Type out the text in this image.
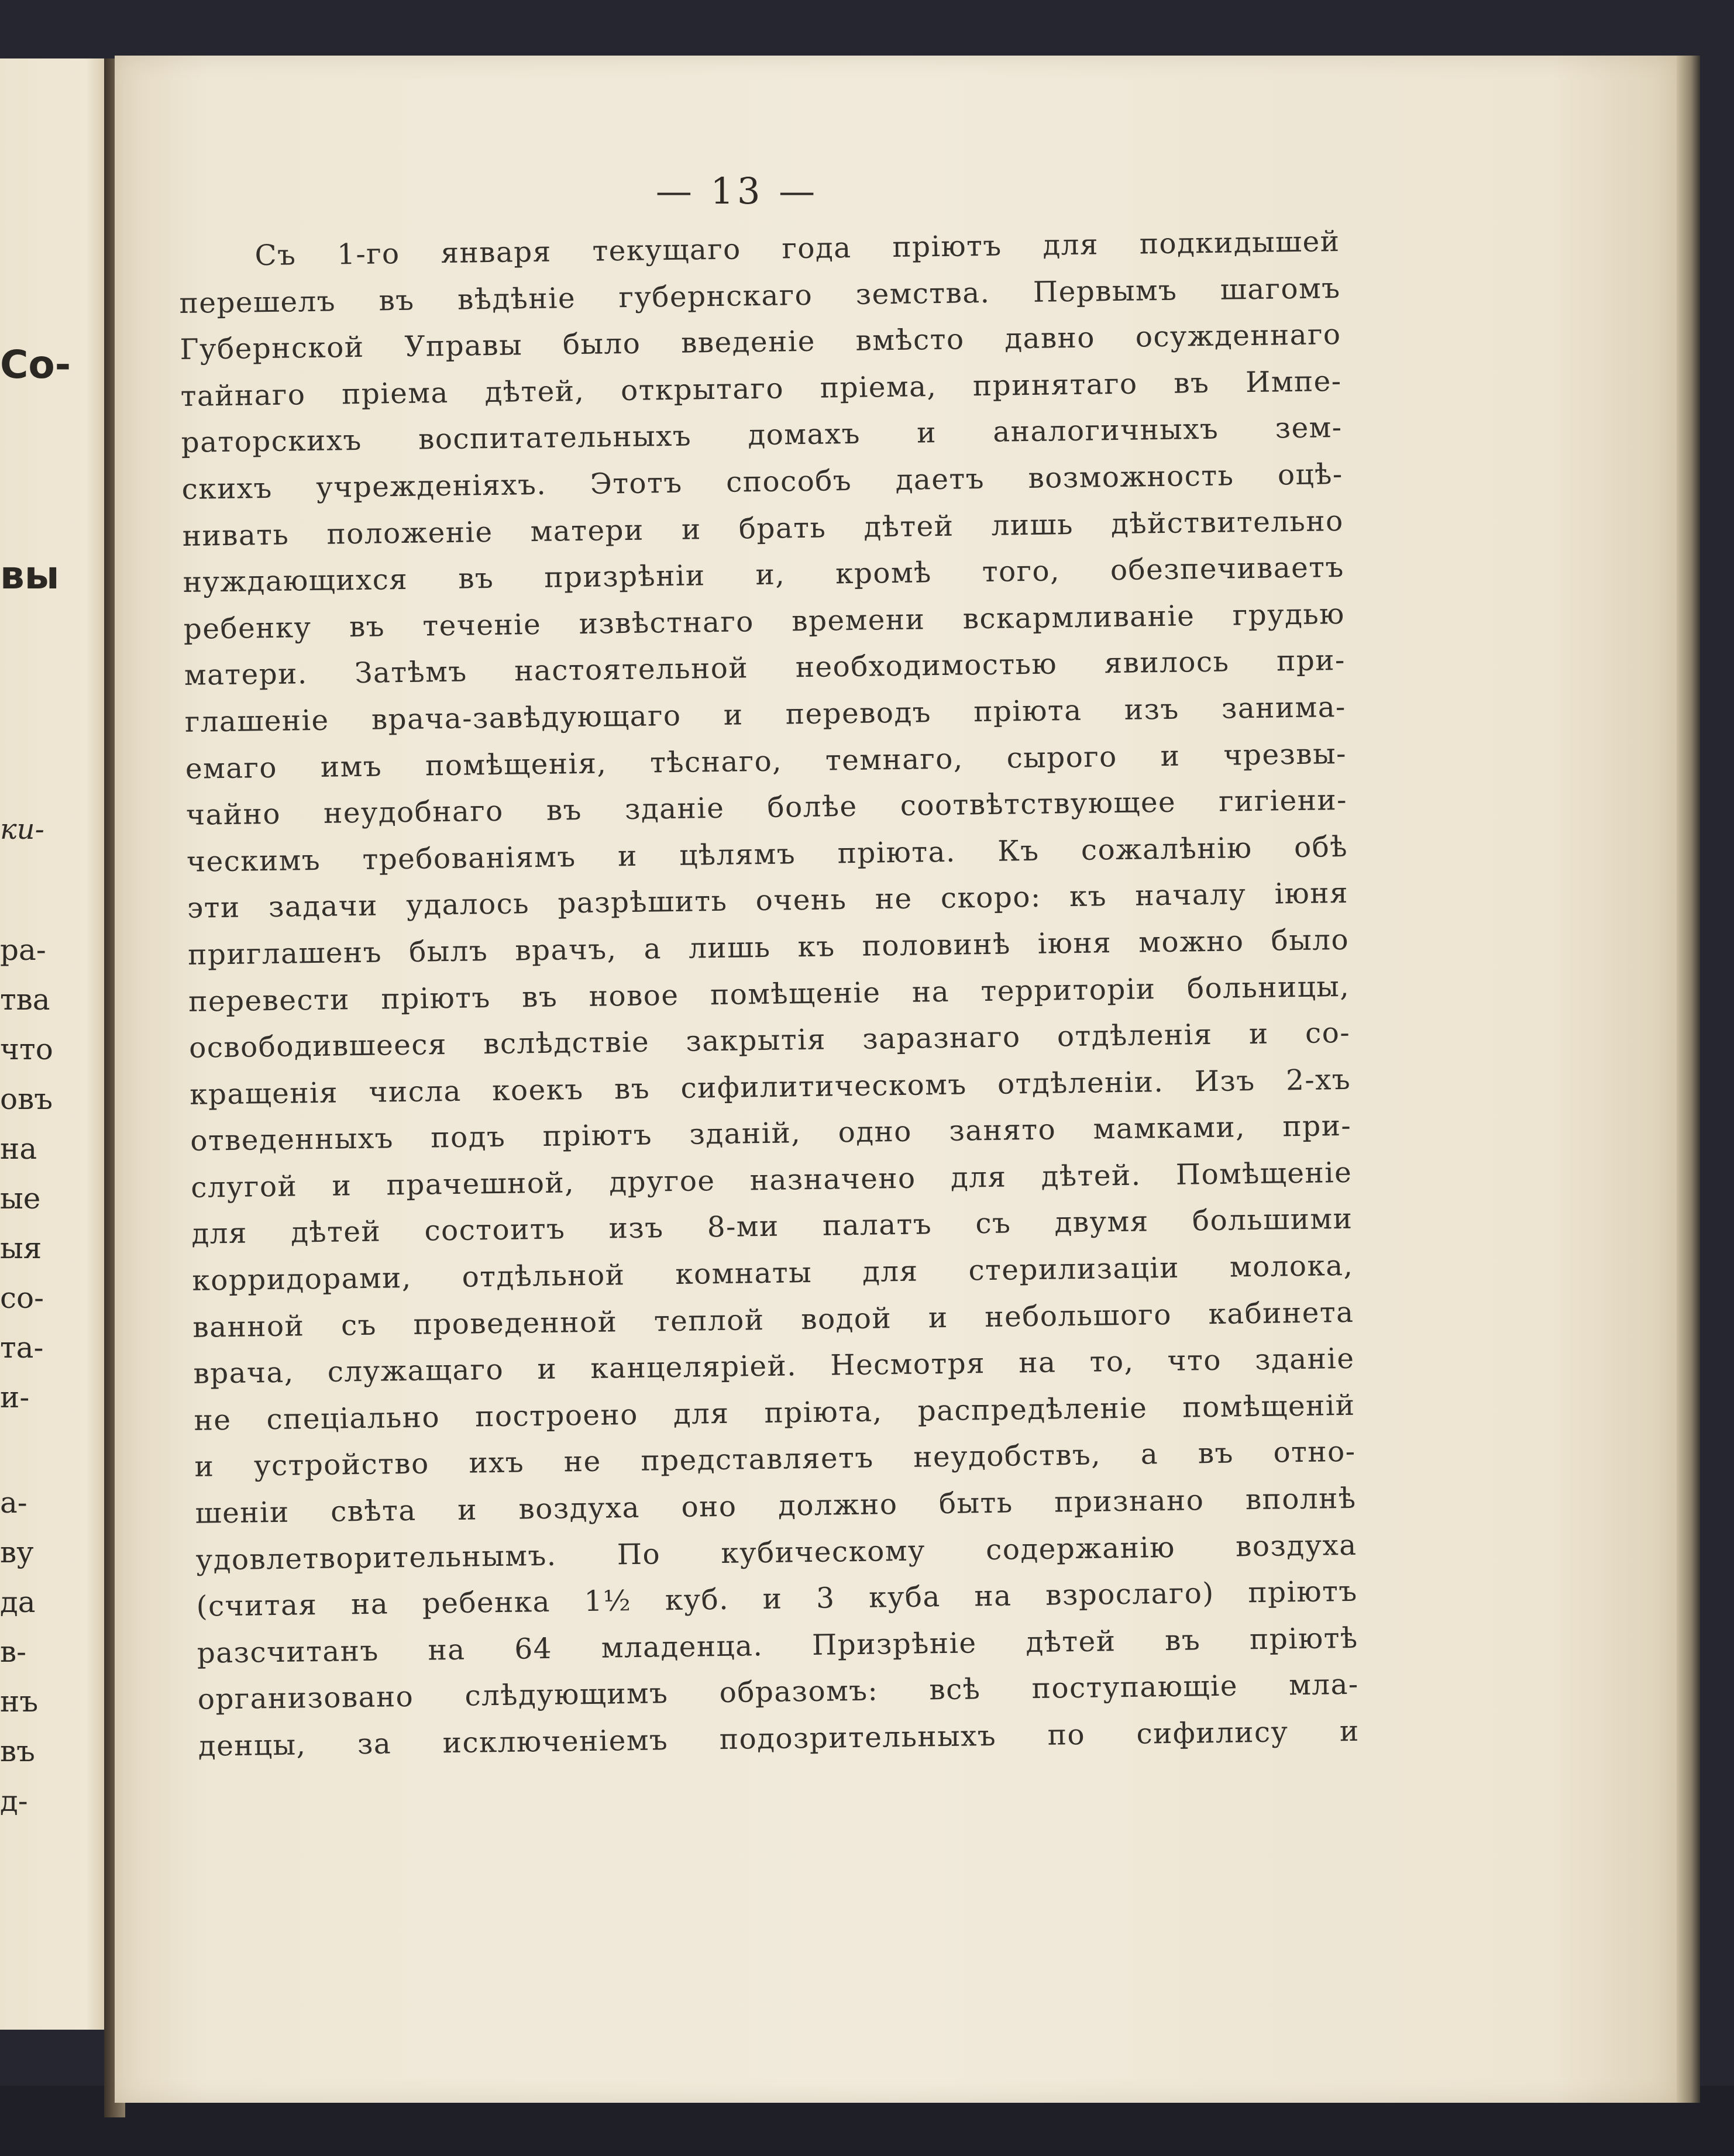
Со-
вы
ки-
ра-
тва
что
овъ
на
ые
ыя
со-
та-
и-
а-
ву
да
в-
нъ
въ
д-
— 13 —
Съ 1-го января текущаго года пріютъ для подкидышей
перешелъ въ вѣдѣніе губернскаго земства. Первымъ шагомъ
Губернской Управы было введеніе вмѣсто давно осужденнаго
тайнаго пріема дѣтей, открытаго пріема, принятаго въ Импе-
раторскихъ воспитательныхъ домахъ и аналогичныхъ зем-
скихъ учрежденіяхъ. Этотъ способъ даетъ возможность оцѣ-
нивать положеніе матери и брать дѣтей лишь дѣйствительно
нуждающихся въ призрѣніи и, кромѣ того, обезпечиваетъ
ребенку въ теченіе извѣстнаго времени вскармливаніе грудью
матери. Затѣмъ настоятельной необходимостью явилось при-
глашеніе врача-завѣдующаго и переводъ пріюта изъ занима-
емаго имъ помѣщенія, тѣснаго, темнаго, сырого и чрезвы-
чайно неудобнаго въ зданіе болѣе соотвѣтствующее гигіени-
ческимъ требованіямъ и цѣлямъ пріюта. Къ сожалѣнію обѣ
эти задачи удалось разрѣшить очень не скоро: къ началу іюня
приглашенъ былъ врачъ, а лишь къ половинѣ іюня можно было
перевести пріютъ въ новое помѣщеніе на территоріи больницы,
освободившееся вслѣдствіе закрытія заразнаго отдѣленія и со-
кращенія числа коекъ въ сифилитическомъ отдѣленіи. Изъ 2-хъ
отведенныхъ подъ пріютъ зданій, одно занято мамками, при-
слугой и прачешной, другое назначено для дѣтей. Помѣщеніе
для дѣтей состоитъ изъ 8-ми палатъ съ двумя большими
корридорами, отдѣльной комнаты для стерилизаціи молока,
ванной съ проведенной теплой водой и небольшого кабинета
врача, служащаго и канцеляріей. Несмотря на то, что зданіе
не спеціально построено для пріюта, распредѣленіе помѣщеній
и устройство ихъ не представляетъ неудобствъ, а въ отно-
шеніи свѣта и воздуха оно должно быть признано вполнѣ
удовлетворительнымъ. По кубическому содержанію воздуха
(считая на ребенка 1½ куб. и 3 куба на взрослаго) пріютъ
разсчитанъ на 64 младенца. Призрѣніе дѣтей въ пріютѣ
организовано слѣдующимъ образомъ: всѣ поступающіе мла-
денцы, за исключеніемъ подозрительныхъ по сифилису и
